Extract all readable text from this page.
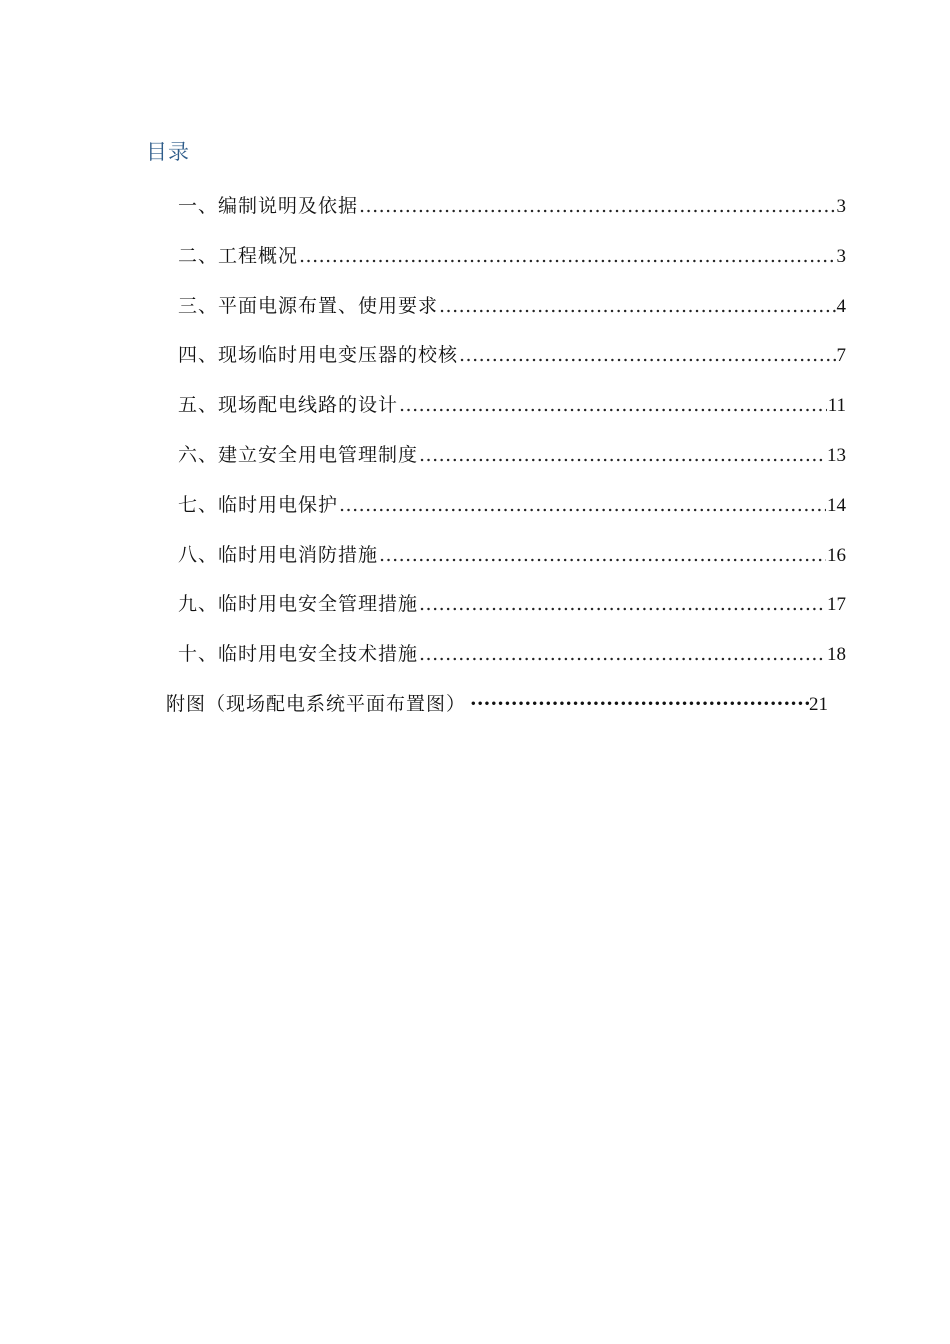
目录
一、编制说明及依据 .....	3
二、工程概况 .....	3
三、平面电源布置、使用要求 .....	4
四、现场临时用电变压器的校核 .....	7
五、现场配电线路的设计 .....	11
六、建立安全用电管理制度 .....	13
七、临时用电保护 .....	14
八、临时用电消防措施 .....	16
九、临时用电安全管理措施 .....	17
十、临时用电安全技术措施 .....	18
附图（现场配电系统平面布置图） ·····	21
